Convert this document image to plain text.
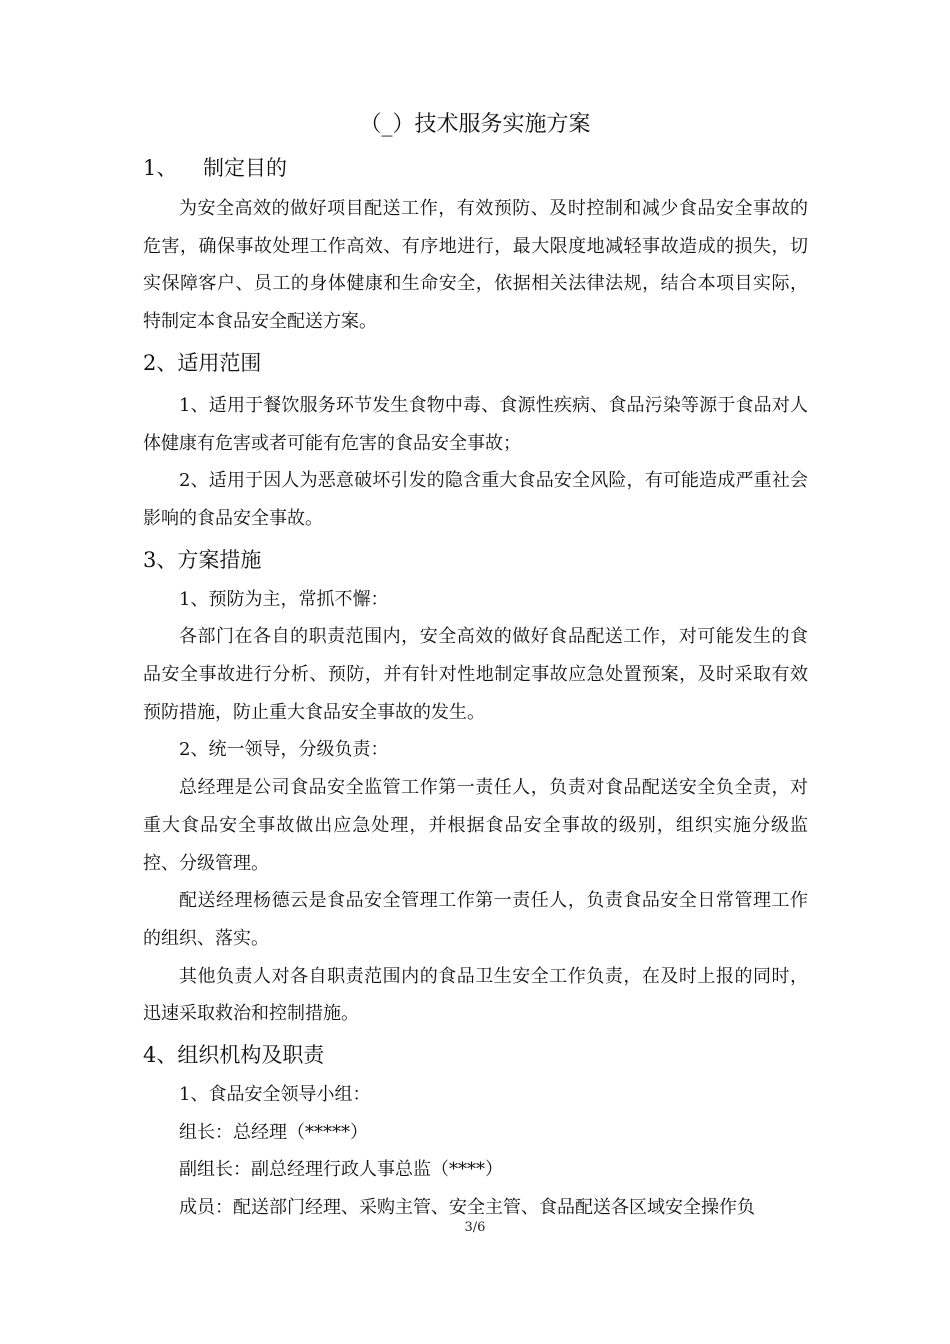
（_）技术服务实施方案
1、 制定目的

为安全高效的做好项目配送工作，有效预防、及时控制和减少食品安全事故的危害，确保事故处理工作高效、有序地进行，最大限度地减轻事故造成的损失，切实保障客户、员工的身体健康和生命安全，依据相关法律法规，结合本项目实际，特制定本食品安全配送方案。

2、适用范围

1、适用于餐饮服务环节发生食物中毒、食源性疾病、食品污染等源于食品对人体健康有危害或者可能有危害的食品安全事故；

2、适用于因人为恶意破坏引发的隐含重大食品安全风险，有可能造成严重社会影响的食品安全事故。

3、方案措施

1、预防为主，常抓不懈：

各部门在各自的职责范围内，安全高效的做好食品配送工作，对可能发生的食品安全事故进行分析、预防，并有针对性地制定事故应急处置预案，及时采取有效预防措施，防止重大食品安全事故的发生。

2、统一领导，分级负责：

总经理是公司食品安全监管工作第一责任人，负责对食品配送安全负全责，对重大食品安全事故做出应急处理，并根据食品安全事故的级别，组织实施分级监控、分级管理。

配送经理杨德云是食品安全管理工作第一责任人，负责食品安全日常管理工作的组织、落实。

其他负责人对各自职责范围内的食品卫生安全工作负责，在及时上报的同时，迅速采取救治和控制措施。

4、组织机构及职责

1、食品安全领导小组：

组长：总经理（*****）

副组长：副总经理行政人事总监（****）

成员：配送部门经理、采购主管、安全主管、食品配送各区域安全操作负

3/6
